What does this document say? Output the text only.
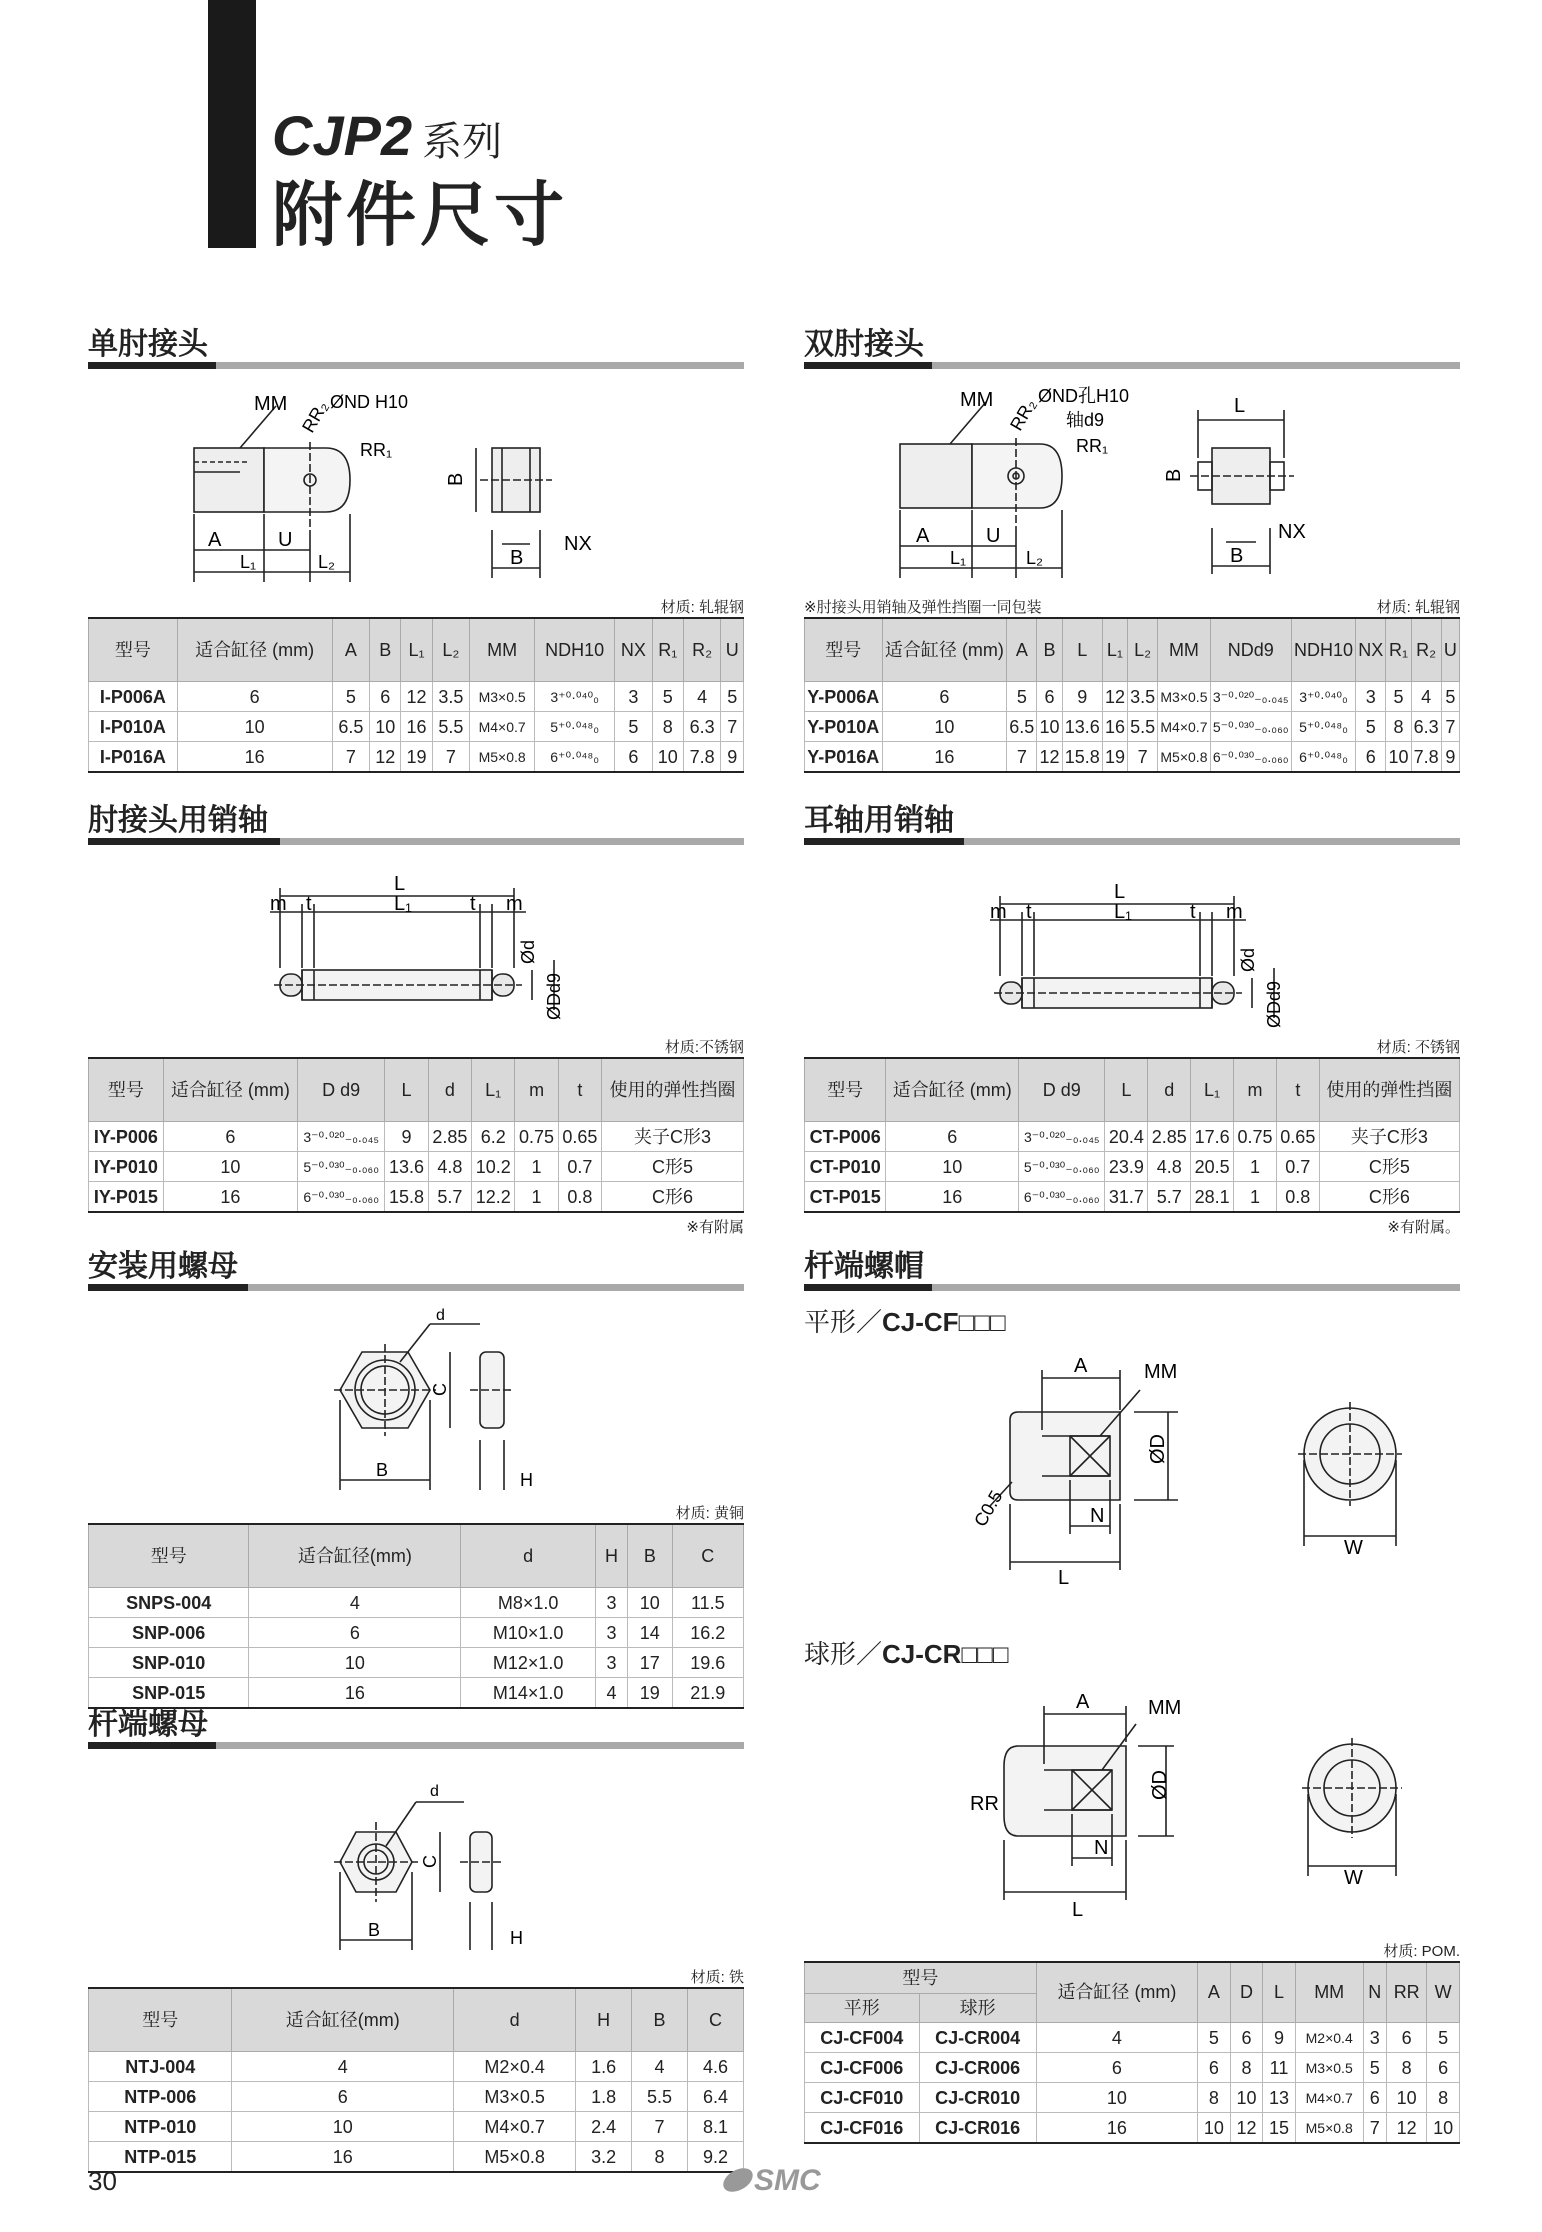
CJP2 系列
附件尺寸
单肘接头
MM RR₂
ØND H10
RR₁
A	U
L₁	L₂
B
B
NX
材质: 轧辊钢
型号	适合缸径 (mm)	A	B	L₁	L₂	MM	NDH10	NX	R₁	R₂	U
I-P006A	6	5	6	12	3.5	M3×0.5	3⁺⁰·⁰⁴⁰₀	3	5	4	5
I-P010A	10	6.5	10	16	5.5	M4×0.7	5⁺⁰·⁰⁴⁸₀	5	8	6.3	7
I-P016A	16	7	12	19	7	M5×0.8	6⁺⁰·⁰⁴⁸₀	6	10	7.8	9
双肘接头
MM RR₂
ØND孔H10
轴d9
RR₁
A	U
L₁	L₂
L
B
B
NX
※肘接头用销轴及弹性挡圈一同包装	材质: 轧辊钢
型号	适合缸径 (mm)	A	B	L	L₁	L₂	MM	NDd9	NDH10	NX	R₁	R₂	U
Y-P006A	6	5	6	9	12	3.5	M3×0.5	3⁻⁰·⁰²⁰₋₀.₀₄₅	3⁺⁰·⁰⁴⁰₀	3	5	4	5
Y-P010A	10	6.5	10	13.6	16	5.5	M4×0.7	5⁻⁰·⁰³⁰₋₀.₀₆₀	5⁺⁰·⁰⁴⁸₀	5	8	6.3	7
Y-P016A	16	7	12	15.8	19	7	M5×0.8	6⁻⁰·⁰³⁰₋₀.₀₆₀	6⁺⁰·⁰⁴⁸₀	6	10	7.8	9
肘接头用销轴
L
m t	L₁	t m
Ød
ØDd9
材质:不锈钢
型号	适合缸径 (mm)	D d9	L	d	L₁	m	t	使用的弹性挡圈
IY-P006	6	3⁻⁰·⁰²⁰₋₀.₀₄₅	9	2.85	6.2	0.75	0.65	夹子C形3
IY-P010	10	5⁻⁰·⁰³⁰₋₀.₀₆₀	13.6	4.8	10.2	1	0.7	C形5
IY-P015	16	6⁻⁰·⁰³⁰₋₀.₀₆₀	15.8	5.7	12.2	1	0.8	C形6
※有附属
耳轴用销轴
L
m t	L₁	t m
Ød
ØDd9
材质: 不锈钢
型号	适合缸径 (mm)	D d9	L	d	L₁	m	t	使用的弹性挡圈
CT-P006	6	3⁻⁰·⁰²⁰₋₀.₀₄₅	20.4	2.85	17.6	0.75	0.65	夹子C形3
CT-P010	10	5⁻⁰·⁰³⁰₋₀.₀₆₀	23.9	4.8	20.5	1	0.7	C形5
CT-P015	16	6⁻⁰·⁰³⁰₋₀.₀₆₀	31.7	5.7	28.1	1	0.8	C形6
※有附属。
安装用螺母
d
C
B	H
材质: 黄铜
型号	适合缸径(mm)	d	H	B	C
SNPS-004	4	M8×1.0	3	10	11.5
SNP-006	6	M10×1.0	3	14	16.2
SNP-010	10	M12×1.0	3	17	19.6
SNP-015	16	M14×1.0	4	19	21.9
杆端螺母
d
C
B	H
材质: 铁
型号	适合缸径(mm)	d	H	B	C
NTJ-004	4	M2×0.4	1.6	4	4.6
NTP-006	6	M3×0.5	1.8	5.5	6.4
NTP-010	10	M4×0.7	2.4	7	8.1
NTP-015	16	M5×0.8	3.2	8	9.2
杆端螺帽
平形／CJ-CF□□□
A	MM
ØD
N
C0.5
L
W
球形／CJ-CR□□□
A	MM
ØD
N
RR
L
W
材质: POM.
型号		适合缸径 (mm)	A	D	L	MM	N	RR	W
平形	球形								
CJ-CF004	CJ-CR004	4	5	6	9	M2×0.4	3	6	5
CJ-CF006	CJ-CR006	6	6	8	11	M3×0.5	5	8	6
CJ-CF010	CJ-CR010	10	8	10	13	M4×0.7	6	10	8
CJ-CF016	CJ-CR016	16	10	12	15	M5×0.8	7	12	10
30	SMC
